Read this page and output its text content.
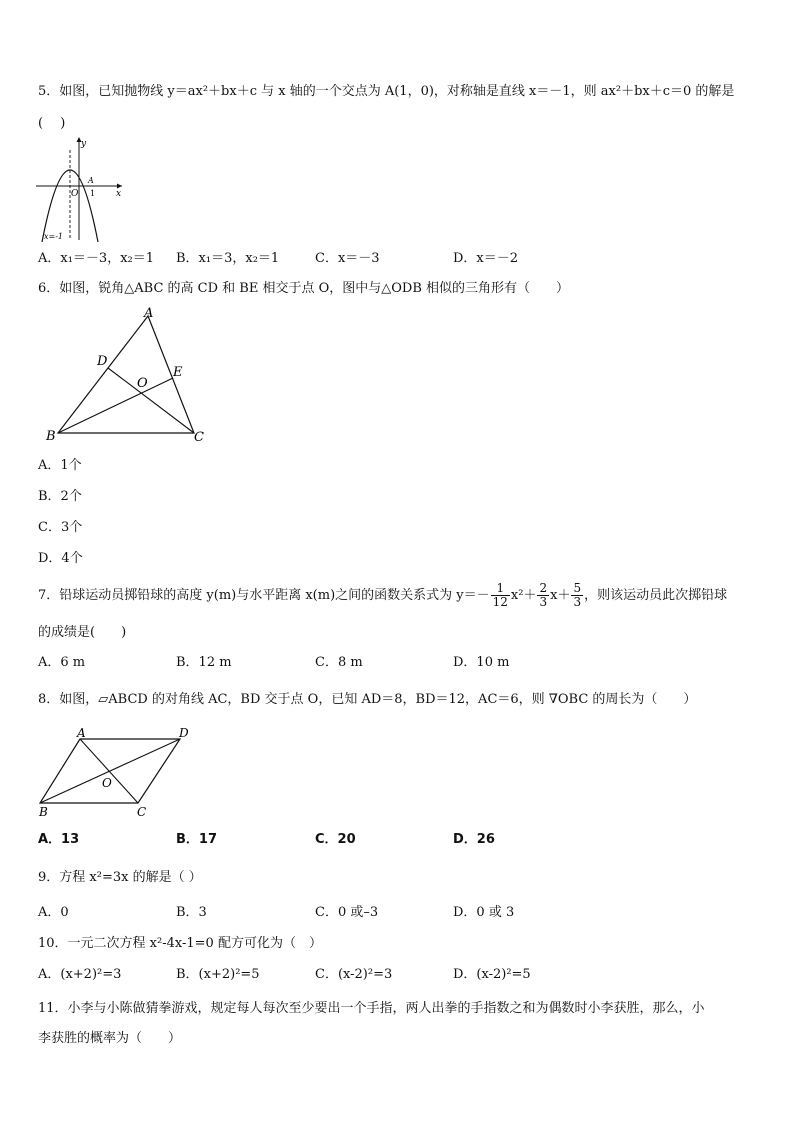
5．如图，已知抛物线 y＝ax²＋bx＋c 与 x 轴的一个交点为 A(1，0)，对称轴是直线 x＝－1，则 ax²＋bx＋c＝0 的解是
(　 )
y
x
O
A
1
x=-1
A．x₁＝－3，x₂＝1 B．x₁＝3，x₂＝1	C．x＝－3	D．x＝－2
6．如图，锐角△ABC 的高 CD 和 BE 相交于点 O，图中与△ODB 相似的三角形有（　　）
A
B	C
D
E
O
A．1个
B．2个
C．3个
D．4个
7．铅球运动员掷铅球的高度 y(m)与水平距离 x(m)之间的函数关系式为 $y=- \frac{1}{12} x^2+ \frac{2}{3} x+ \frac{5}{3}$ ，则该运动员此次掷铅球
的成绩是(　　)
A．6 m	B．12 m	C．8 m	D．10 m
8．如图，▱ABCD 的对角线 AC，BD 交于点 O，已知 AD＝8，BD＝12，AC＝6，则 ∇OBC 的周长为（　　）
A	D
B	C
O
A．13	B．17	C．20	D．26
9．方程 x²=3x 的解是（ ）
A．0	B．3	C．0 或–3	D．0 或 3
10．一元二次方程 x²-4x-1=0 配方可化为（　）
A．(x+2)²=3	B．(x+2)²=5	C．(x-2)²=3	D．(x-2)²=5
11．小李与小陈做猜拳游戏，规定每人每次至少要出一个手指，两人出拳的手指数之和为偶数时小李获胜，那么，小
李获胜的概率为（　　）
